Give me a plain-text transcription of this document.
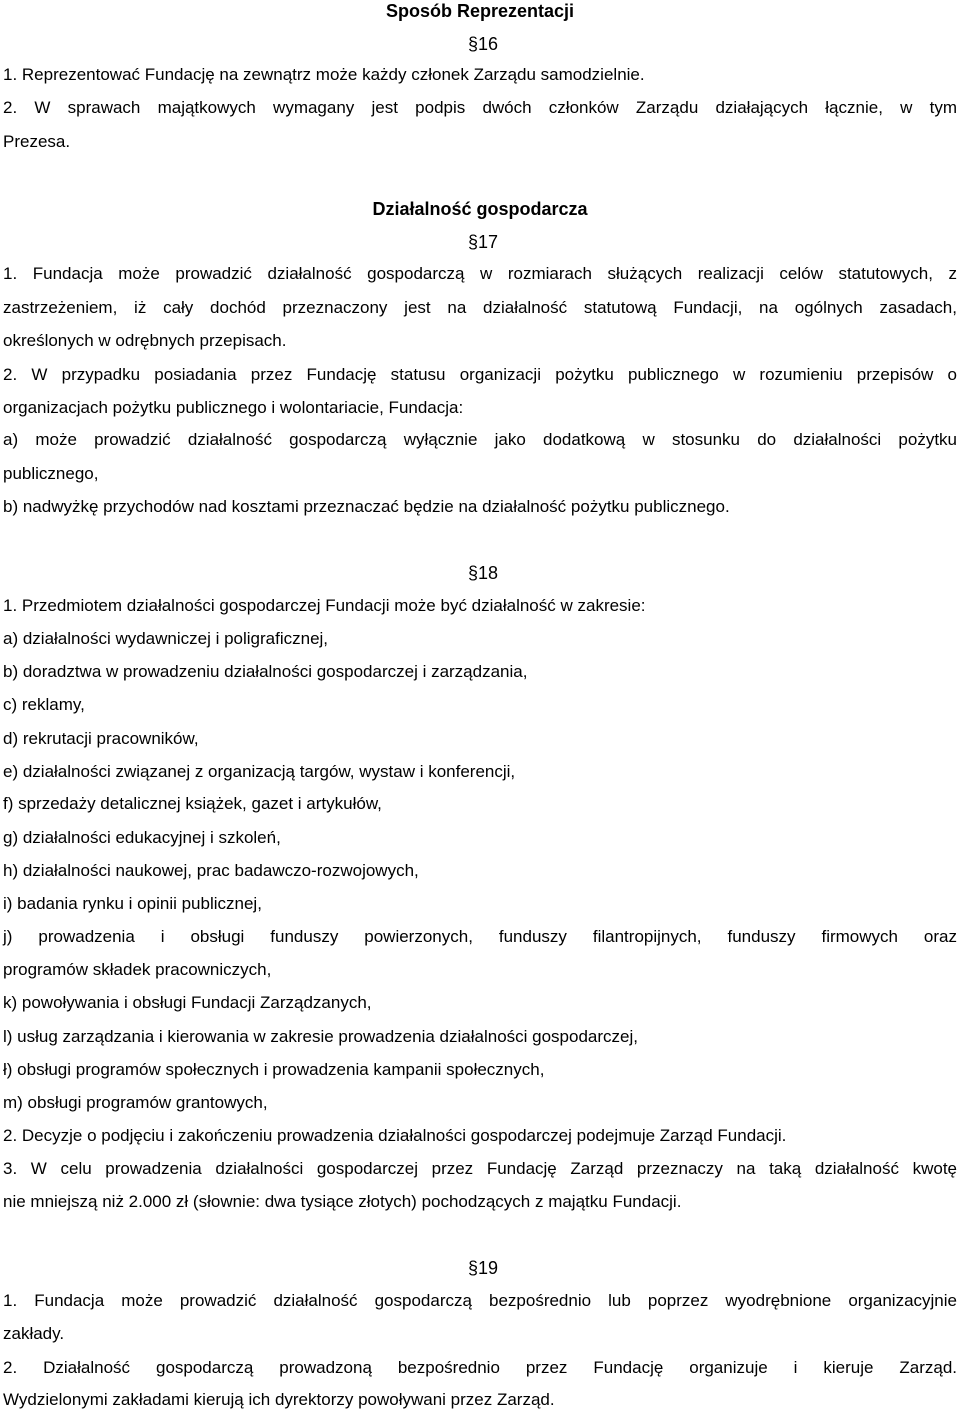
Sposób Reprezentacji
§16

1. Reprezentować Fundację na zewnątrz może każdy członek Zarządu samodzielnie.

2. W sprawach majątkowych wymagany jest podpis dwóch członków Zarządu działających łącznie, w tym

Prezesa.

Działalność gospodarcza
§17

1. Fundacja może prowadzić działalność gospodarczą w rozmiarach służących realizacji celów statutowych, z

zastrzeżeniem, iż cały dochód przeznaczony jest na działalność statutową Fundacji, na ogólnych zasadach,

określonych w odrębnych przepisach.

2. W przypadku posiadania przez Fundację statusu organizacji pożytku publicznego w rozumieniu przepisów o

organizacjach pożytku publicznego i wolontariacie, Fundacja:

a) może prowadzić działalność gospodarczą wyłącznie jako dodatkową w stosunku do działalności pożytku

publicznego,

b) nadwyżkę przychodów nad kosztami przeznaczać będzie na działalność pożytku publicznego.

§18

1. Przedmiotem działalności gospodarczej Fundacji może być działalność w zakresie:

a) działalności wydawniczej i poligraficznej,

b) doradztwa w prowadzeniu działalności gospodarczej i zarządzania,

c) reklamy,

d) rekrutacji pracowników,

e) działalności związanej z organizacją targów, wystaw i konferencji,

f) sprzedaży detalicznej książek, gazet i artykułów,

g) działalności edukacyjnej i szkoleń,

h) działalności naukowej, prac badawczo-rozwojowych,

i) badania rynku i opinii publicznej,

j) prowadzenia i obsługi funduszy powierzonych, funduszy filantropijnych, funduszy firmowych oraz

programów składek pracowniczych,

k) powoływania i obsługi Fundacji Zarządzanych,

l) usług zarządzania i kierowania w zakresie prowadzenia działalności gospodarczej,

ł) obsługi programów społecznych i prowadzenia kampanii społecznych,

m) obsługi programów grantowych,

2. Decyzje o podjęciu i zakończeniu prowadzenia działalności gospodarczej podejmuje Zarząd Fundacji.

3. W celu prowadzenia działalności gospodarczej przez Fundację Zarząd przeznaczy na taką działalność kwotę

nie mniejszą niż 2.000 zł (słownie: dwa tysiące złotych) pochodzących z majątku Fundacji.

§19

1. Fundacja może prowadzić działalność gospodarczą bezpośrednio lub poprzez wyodrębnione organizacyjnie

zakłady.

2. Działalność gospodarczą prowadzoną bezpośrednio przez Fundację organizuje i kieruje Zarząd.

Wydzielonymi zakładami kierują ich dyrektorzy powoływani przez Zarząd.
